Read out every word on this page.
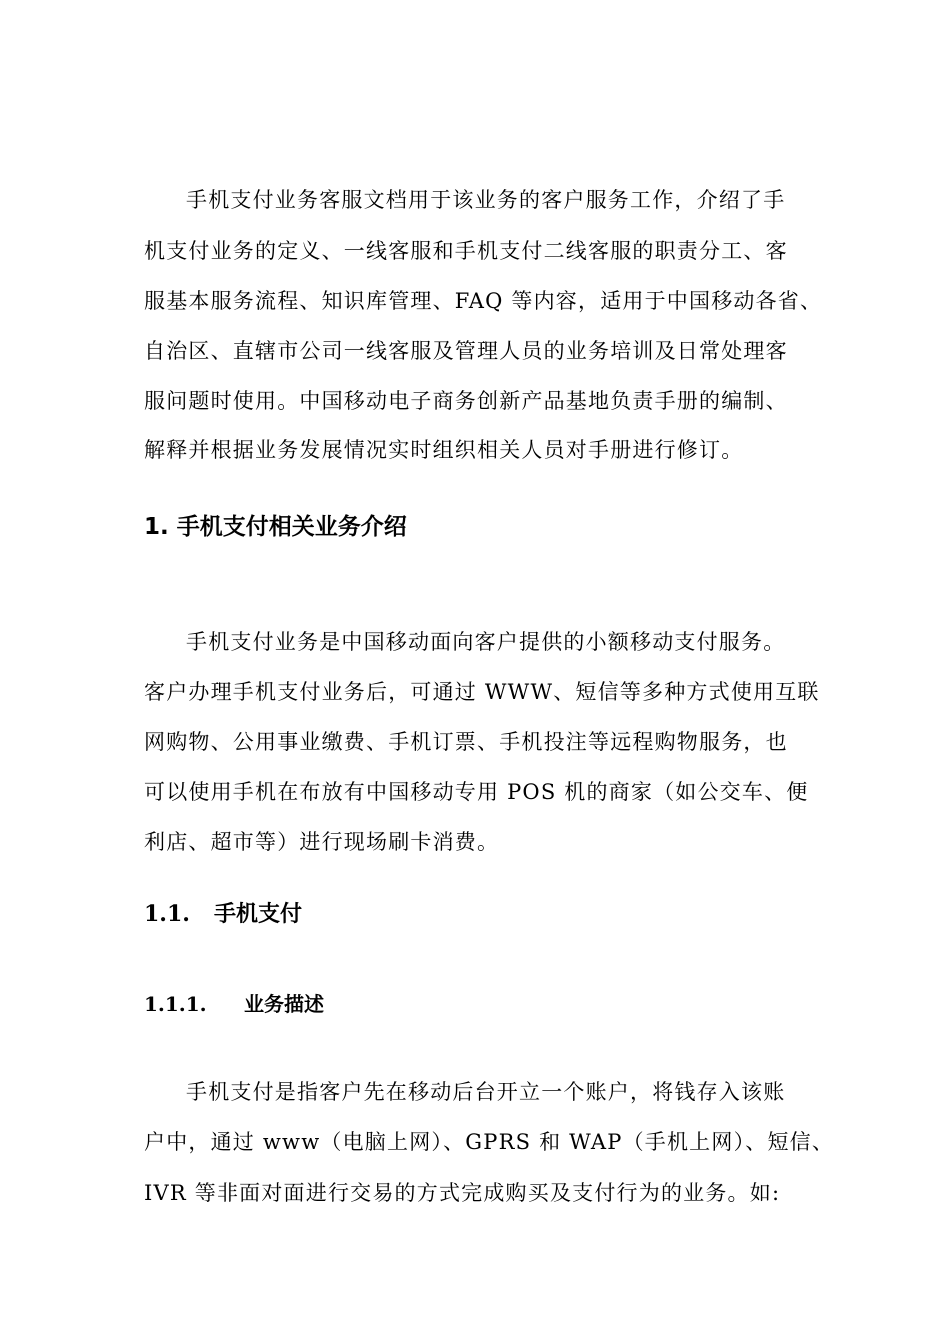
手机支付业务客服文档用于该业务的客户服务工作，介绍了手

机支付业务的定义、一线客服和手机支付二线客服的职责分工、客

服基本服务流程、知识库管理、FAQ 等内容，适用于中国移动各省、

自治区、直辖市公司一线客服及管理人员的业务培训及日常处理客

服问题时使用。中国移动电子商务创新产品基地负责手册的编制、

解释并根据业务发展情况实时组织相关人员对手册进行修订。

1. 手机支付相关业务介绍

手机支付业务是中国移动面向客户提供的小额移动支付服务。

客户办理手机支付业务后，可通过 WWW、短信等多种方式使用互联

网购物、公用事业缴费、手机订票、手机投注等远程购物服务，也

可以使用手机在布放有中国移动专用 POS 机的商家（如公交车、便

利店、超市等）进行现场刷卡消费。

1.1. 手机支付
1.1.1. 业务描述

手机支付是指客户先在移动后台开立一个账户，将钱存入该账

户中，通过 www（电脑上网）、GPRS 和 WAP（手机上网）、短信、

IVR 等非面对面进行交易的方式完成购买及支付行为的业务。如:
